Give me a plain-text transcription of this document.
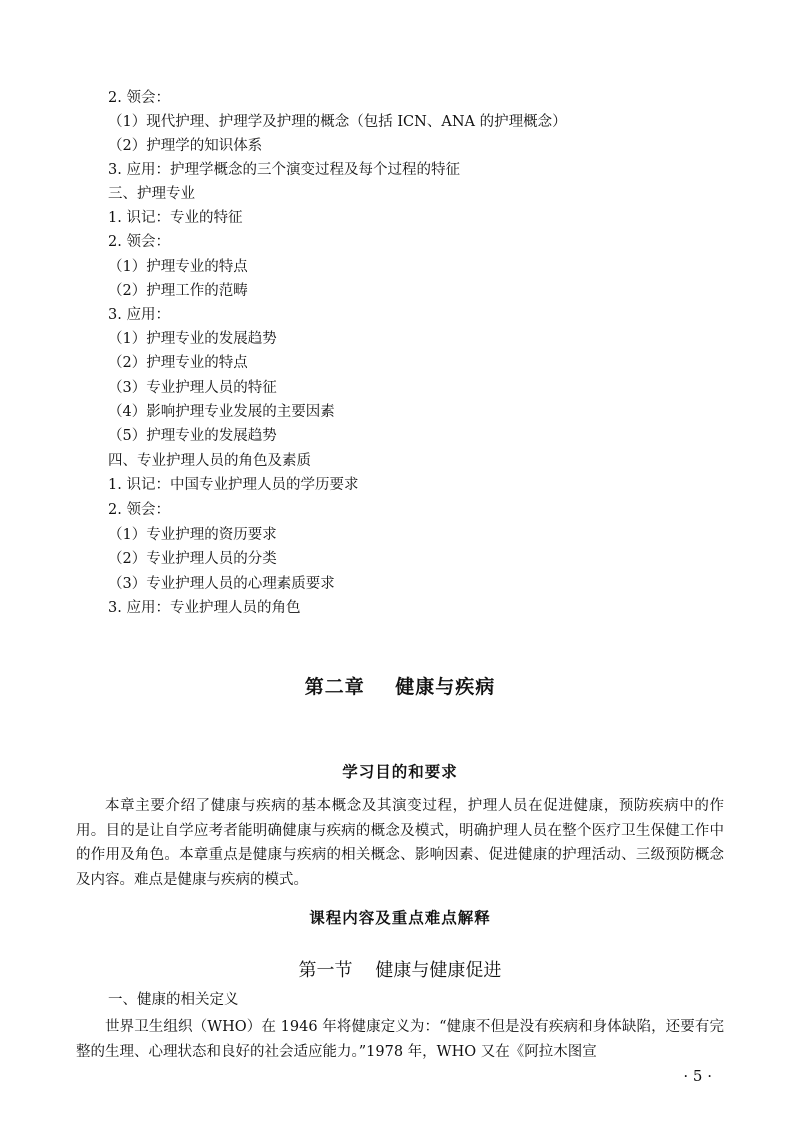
2. 领会：
（1）现代护理、护理学及护理的概念（包括 ICN、ANA 的护理概念）
（2）护理学的知识体系
3. 应用：护理学概念的三个演变过程及每个过程的特征
三、护理专业
1. 识记：专业的特征
2. 领会：
（1）护理专业的特点
（2）护理工作的范畴
3. 应用：
（1）护理专业的发展趋势
（2）护理专业的特点
（3）专业护理人员的特征
（4）影响护理专业发展的主要因素
（5）护理专业的发展趋势
四、专业护理人员的角色及素质
1. 识记：中国专业护理人员的学历要求
2. 领会：
（1）专业护理的资历要求
（2）专业护理人员的分类
（3）专业护理人员的心理素质要求
3. 应用：专业护理人员的角色
第二章    健康与疾病
学习目的和要求
本章主要介绍了健康与疾病的基本概念及其演变过程，护理人员在促进健康，预防疾病中的作用。目的是让自学应考者能明确健康与疾病的概念及模式，明确护理人员在整个医疗卫生保健工作中的作用及角色。本章重点是健康与疾病的相关概念、影响因素、促进健康的护理活动、三级预防概念及内容。难点是健康与疾病的模式。
课程内容及重点难点解释
第一节    健康与健康促进
一、健康的相关定义
世界卫生组织（WHO）在 1946 年将健康定义为：“健康不但是没有疾病和身体缺陷，还要有完整的生理、心理状态和良好的社会适应能力。”1978 年，WHO 又在《阿拉木图宣
· 5 ·
